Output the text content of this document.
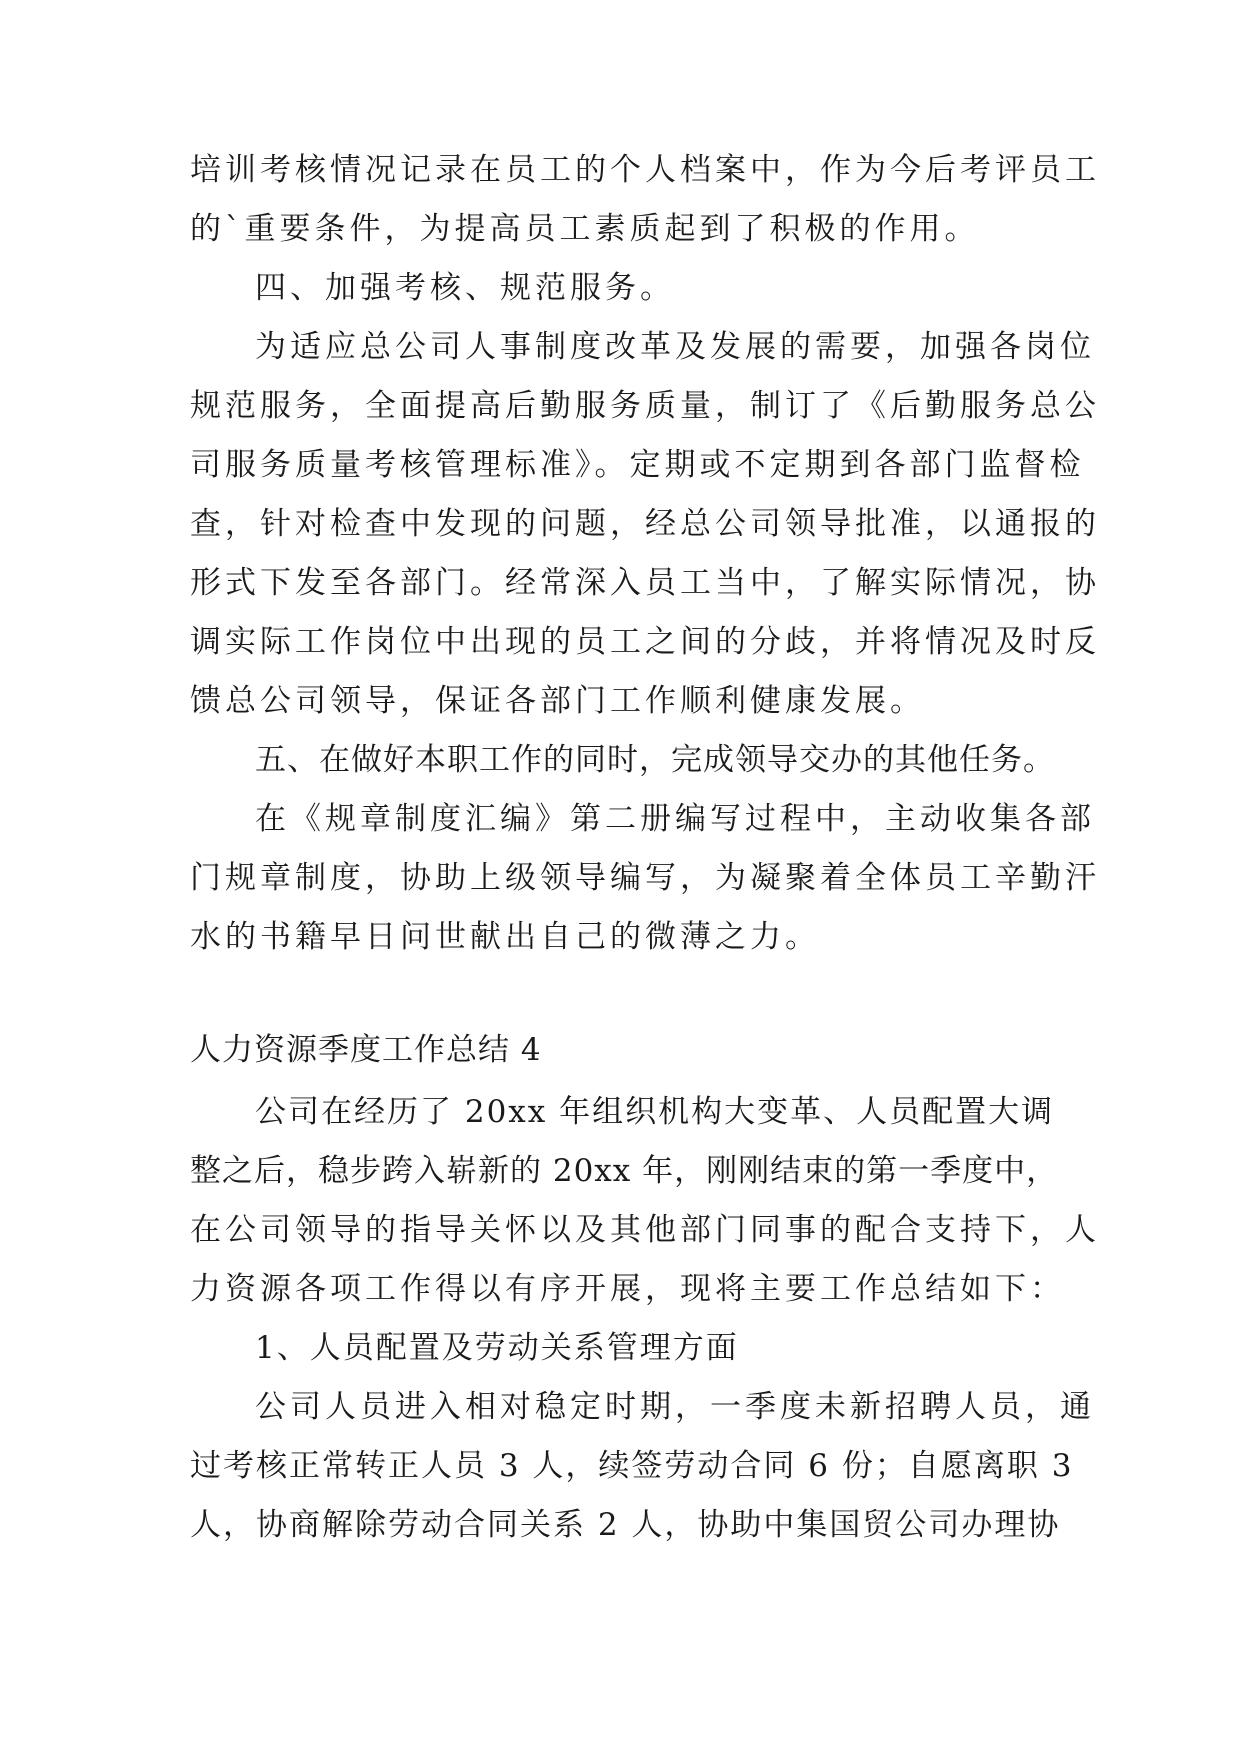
培训考核情况记录在员工的个人档案中，作为今后考评员工
的`重要条件，为提高员工素质起到了积极的作用。
四、加强考核、规范服务。
为适应总公司人事制度改革及发展的需要，加强各岗位
规范服务，全面提高后勤服务质量，制订了《后勤服务总公
司服务质量考核管理标准》。定期或不定期到各部门监督检
查，针对检查中发现的问题，经总公司领导批准，以通报的
形式下发至各部门。经常深入员工当中，了解实际情况，协
调实际工作岗位中出现的员工之间的分歧，并将情况及时反
馈总公司领导，保证各部门工作顺利健康发展。
五、在做好本职工作的同时，完成领导交办的其他任务。
在《规章制度汇编》第二册编写过程中，主动收集各部
门规章制度，协助上级领导编写，为凝聚着全体员工辛勤汗
水的书籍早日问世献出自己的微薄之力。
人力资源季度工作总结 4
公司在经历了 20xx 年组织机构大变革、人员配置大调
整之后，稳步跨入崭新的 20xx 年，刚刚结束的第一季度中，
在公司领导的指导关怀以及其他部门同事的配合支持下，人
力资源各项工作得以有序开展，现将主要工作总结如下：
1、人员配置及劳动关系管理方面
公司人员进入相对稳定时期，一季度未新招聘人员，通
过考核正常转正人员 3 人，续签劳动合同 6 份；自愿离职 3
人，协商解除劳动合同关系 2 人，协助中集国贸公司办理协
